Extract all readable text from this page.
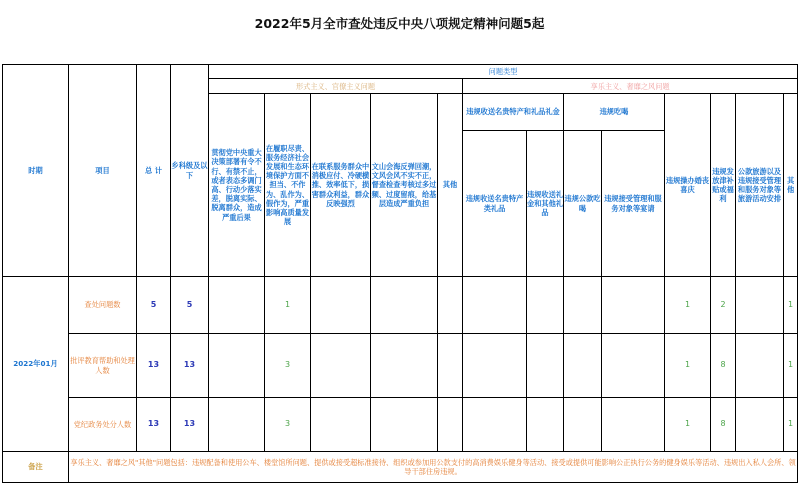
2022年5月全市查处违反中央八项规定精神问题5起
时期	项目	总 计	乡科级及以下	问题类型												
				形式主义、官僚主义问题					享乐主义、奢靡之风问题							
				贯彻党中央重大决策部署有令不行、有禁不止，或者表态多调门高、行动少落实差，脱离实际、脱离群众，造成严重后果	在履职尽责、服务经济社会发展和生态环境保护方面不担当、不作为、乱作为、假作为，严重影响高质量发展	在联系服务群众中消极应付、冷硬横推、效率低下，损害群众利益，群众反映强烈	文山会海反弹回潮，文风会风不实不正，督查检查考核过多过频、过度留痕，给基层造成严重负担	其他	违规收送名贵特产和礼品礼金		违规吃喝		违规操办婚丧喜庆	违规发放津补贴或福利	公款旅游以及违规接受管理和服务对象等旅游活动安排	其他
									违规收送名贵特产类礼品	违规收送礼金和其他礼品	违规公款吃喝	违规接受管理和服务对象等宴请				
2022年01月	查处问题数	5	5		1								1	2		1
	批评教育帮助和处理人数	13	13		3								1	8		1
	党纪政务处分人数	13	13		3								1	8		1
备注	享乐主义、奢靡之风"其他"问题包括：违规配备和使用公车、楼堂馆所问题、提供或接受超标准接待、组织或参加用公款支付的高消费娱乐健身等活动、接受或提供可能影响公正执行公务的健身娱乐等活动、违规出入私人会所、领导干部住房违规。															
